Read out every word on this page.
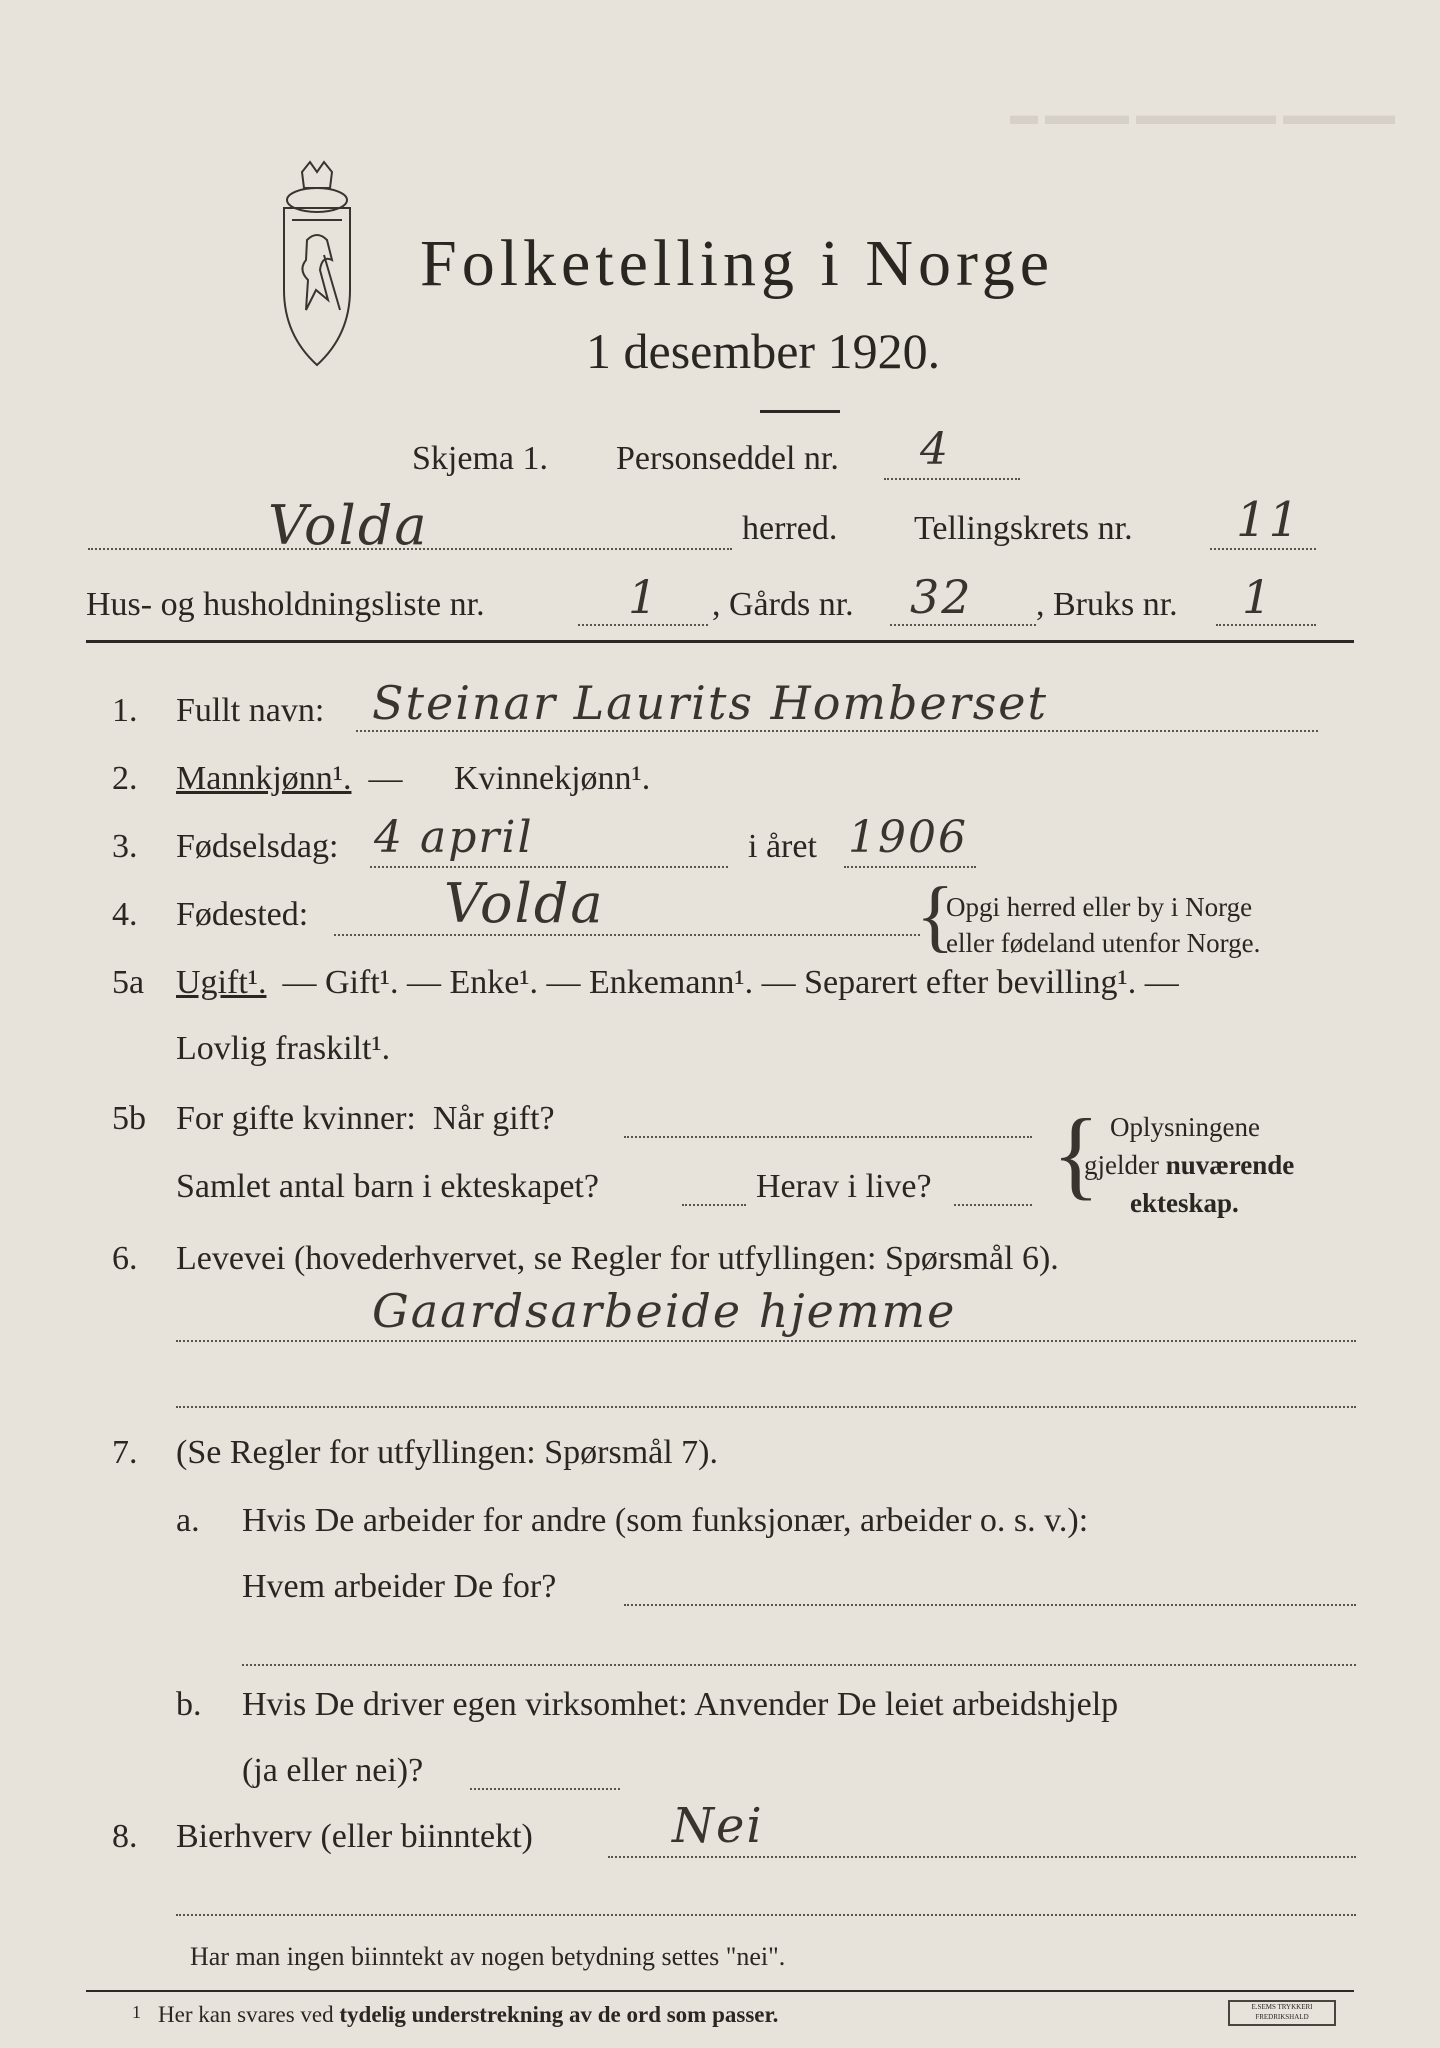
▬ ▬▬▬ ▬▬▬▬▬ ▬▬▬▬
Folketelling i Norge
1 desember 1920.
Skjema 1. Personseddel nr. 4
Volda	herred. Tellingskrets nr. 11
Hus- og husholdningsliste nr.	1 , Gårds nr. 32 , Bruks nr. 1
1. Fullt navn: Steinar Laurits Homberset
2. Mannkjønn¹. — Kvinnekjønn¹.
3. Fødselsdag: 4 april	i året 1906
4. Fødested:	Volda	{
Opgi herred eller by i Norge
eller fødeland utenfor Norge.
5a Ugift¹. — Gift¹. — Enke¹. — Enkemann¹. — Separert efter bevilling¹. —
Lovlig fraskilt¹.
5b For gifte kvinner:  Når gift?
Samlet antal barn i ekteskapet?	Herav i live? { Oplysningene
gjelder nuværende
ekteskap.
6. Levevei (hovederhvervet, se Regler for utfyllingen: Spørsmål 6).
Gaardsarbeide hjemme
7. (Se Regler for utfyllingen: Spørsmål 7).
a. Hvis De arbeider for andre (som funksjonær, arbeider o. s. v.):
Hvem arbeider De for?
b. Hvis De driver egen virksomhet: Anvender De leiet arbeidshjelp
(ja eller nei)?
8. Bierhverv (eller biinntekt)	Nei
Har man ingen biinntekt av nogen betydning settes "nei".
1 Her kan svares ved tydelig understrekning av de ord som passer.	E.SEMS TRYKKERI FREDRIKSHALD
